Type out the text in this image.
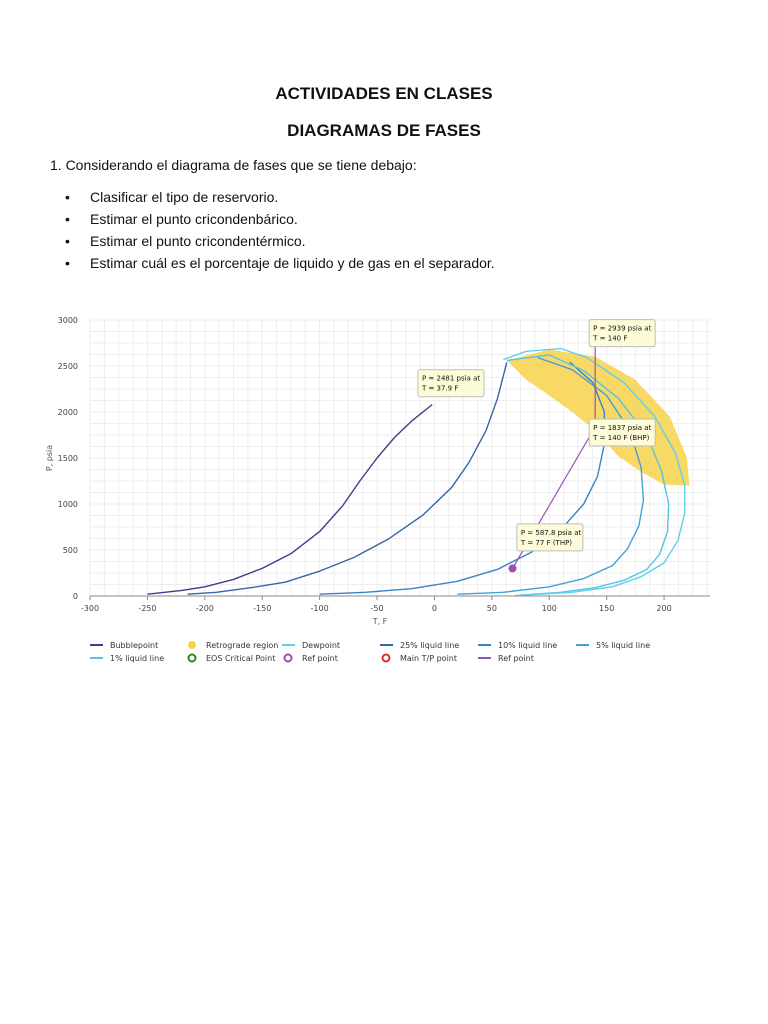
ACTIVIDADES EN CLASES
DIAGRAMAS DE FASES
1. Considerando el diagrama de fases que se tiene debajo:
• Clasificar el tipo de reservorio.
• Estimar el punto cricondenbárico.
• Estimar el punto cricondentérmico.
• Estimar cuál es el porcentaje de liquido y de gas en el separador.
P = 2939 psia at
T = 140 F
P = 2481 psia at
T = 37.9 F
P = 1837 psia at
T = 140 F (BHP)
P = 587.8 psia at
T = 77 F (THP)
-300	-250	-200	-150	-100	-50	0	50	100	150	200
0
500
1000
1500
2000
2500
3000
T, F
P, psia
Bubblepoint	Retrograde region	Dewpoint	25% liquid line	10% liquid line	5% liquid line
1% liquid line	EOS Critical Point	Ref point	Main T/P point	Ref point
